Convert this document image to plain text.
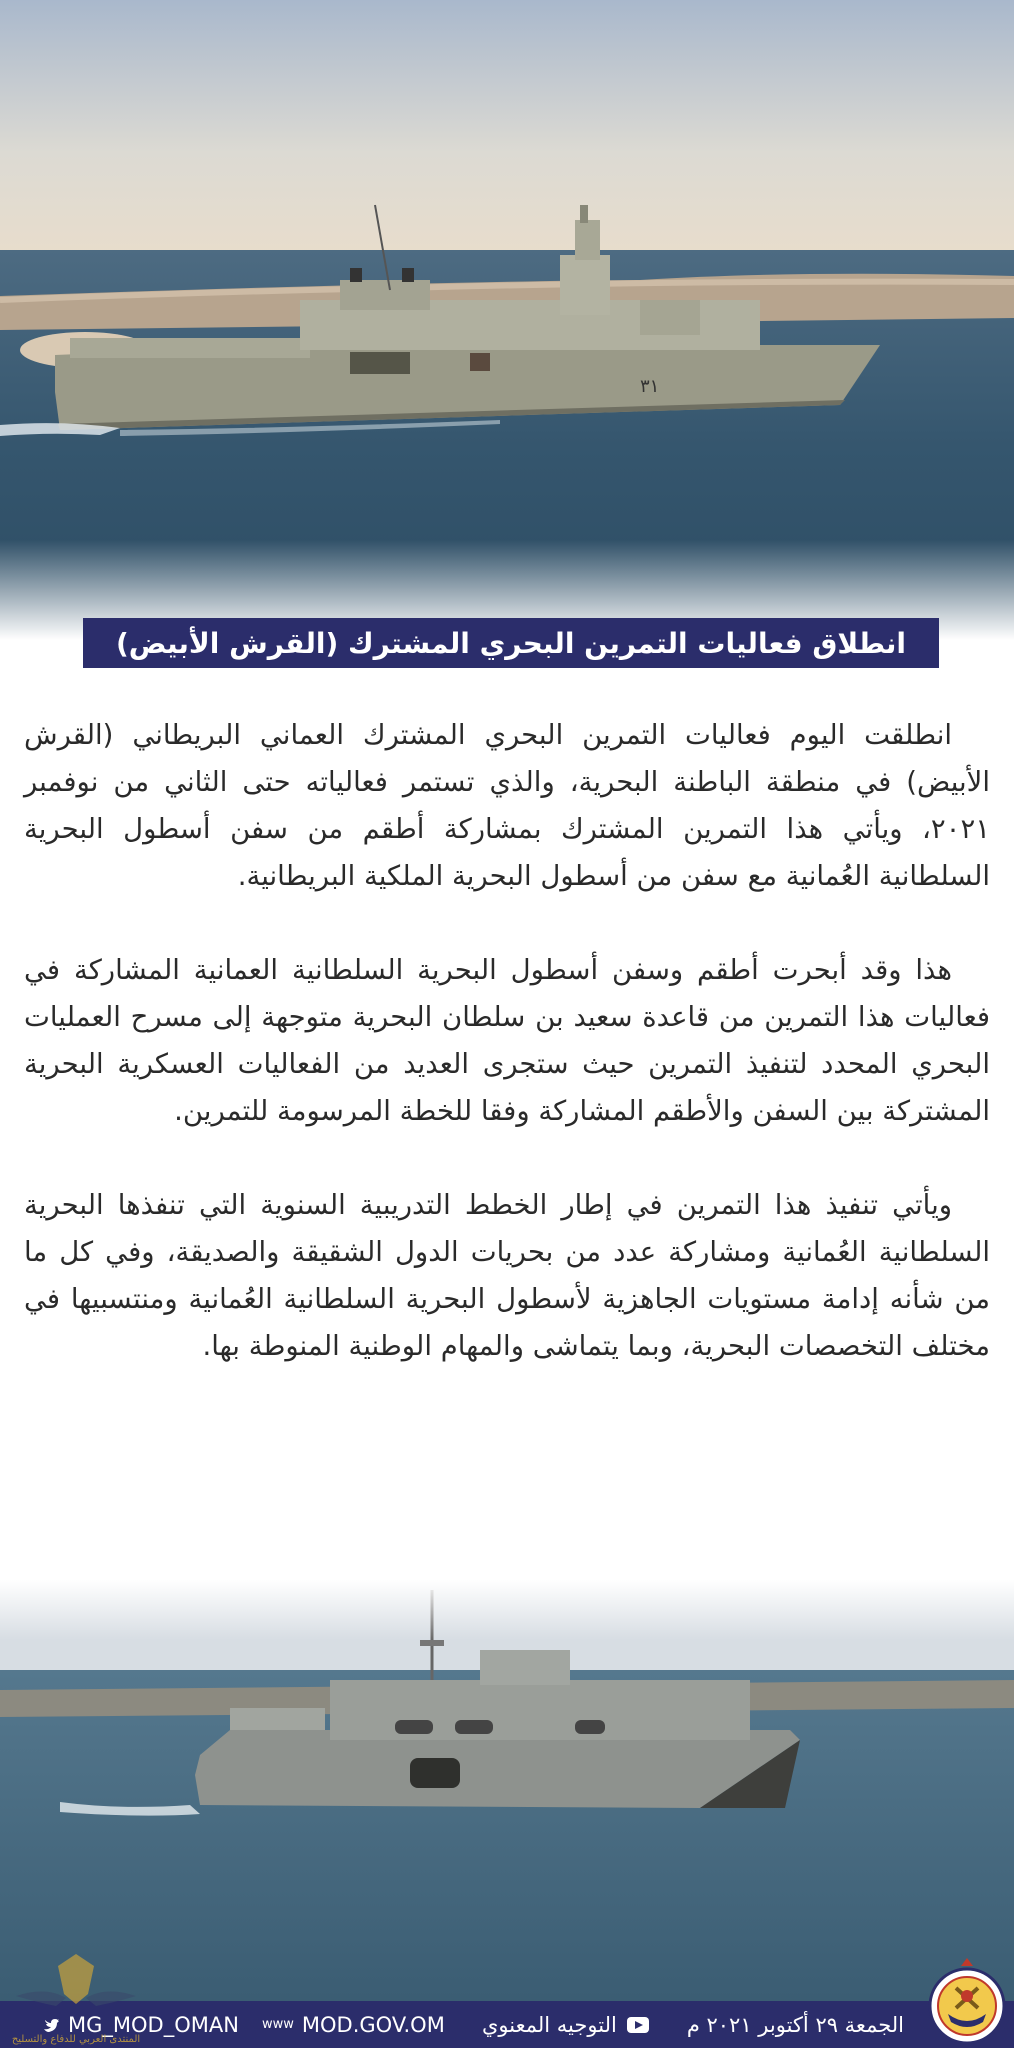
٣١
انطلاق فعاليات التمرين البحري المشترك (القرش الأبيض)

انطلقت اليوم فعاليات التمرين البحري المشترك العماني البريطاني (القرش الأبيض) في منطقة الباطنة البحرية، والذي تستمر فعالياته حتى الثاني من نوفمبر ٢٠٢١، ويأتي هذا التمرين المشترك بمشاركة أطقم من سفن أسطول البحرية السلطانية العُمانية مع سفن من أسطول البحرية الملكية البريطانية.

هذا وقد أبحرت أطقم وسفن أسطول البحرية السلطانية العمانية المشاركة في فعاليات هذا التمرين من قاعدة سعيد بن سلطان البحرية متوجهة إلى مسرح العمليات البحري المحدد لتنفيذ التمرين حيث ستجرى العديد من الفعاليات العسكرية البحرية المشتركة بين السفن والأطقم المشاركة وفقا للخطة المرسومة للتمرين.

ويأتي تنفيذ هذا التمرين في إطار الخطط التدريبية السنوية التي تنفذها البحرية السلطانية العُمانية ومشاركة عدد من بحريات الدول الشقيقة والصديقة، وفي كل ما من شأنه إدامة مستويات الجاهزية لأسطول البحرية السلطانية العُمانية ومنتسبيها في مختلف التخصصات البحرية، وبما يتماشى والمهام الوطنية المنوطة بها.

الجمعة ٢٩ أكتوبر ٢٠٢١ م
التوجيه المعنوي
www MOD.GOV.OM
MG_MOD_OMAN
المنتدى العربي للدفاع والتسليح
